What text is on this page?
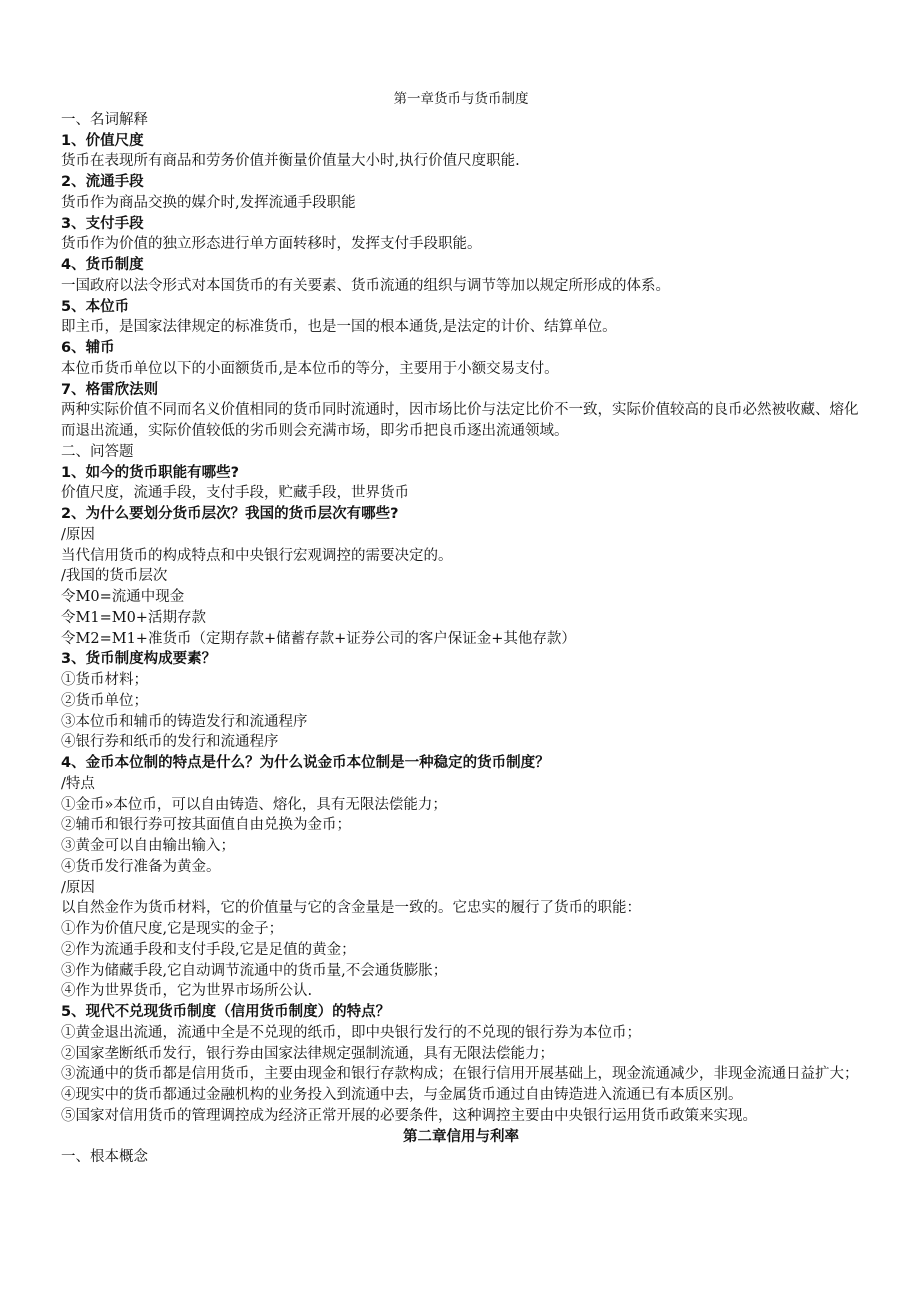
第一章货币与货币制度
一、名词解释
1、价值尺度
货币在表现所有商品和劳务价值并衡量价值量大小时,执行价值尺度职能.
2、流通手段
货币作为商品交换的媒介时,发挥流通手段职能
3、支付手段
货币作为价值的独立形态进行单方面转移时，发挥支付手段职能。
4、货币制度
一国政府以法令形式对本国货币的有关要素、货币流通的组织与调节等加以规定所形成的体系。
5、本位币
即主币，是国家法律规定的标准货币，也是一国的根本通货,是法定的计价、结算单位。
6、辅币
本位币货币单位以下的小面额货币,是本位币的等分，主要用于小额交易支付。
7、格雷欣法则
两种实际价值不同而名义价值相同的货币同时流通时，因市场比价与法定比价不一致，实际价值较高的良币必然被收藏、熔化而退出流通，实际价值较低的劣币则会充满市场，即劣币把良币逐出流通领域。
二、问答题
1、如今的货币职能有哪些?
价值尺度，流通手段，支付手段，贮藏手段，世界货币
2、为什么要划分货币层次？我国的货币层次有哪些?
/原因
当代信用货币的构成特点和中央银行宏观调控的需要决定的。
/我国的货币层次
令M0=流通中现金
令M1=M0+活期存款
令M2=M1+准货币（定期存款+储蓄存款+证券公司的客户保证金+其他存款）
3、货币制度构成要素？
①货币材料；
②货币单位；
③本位币和辅币的铸造发行和流通程序
④银行券和纸币的发行和流通程序
4、金币本位制的特点是什么？为什么说金币本位制是一种稳定的货币制度？
/特点
①金币»本位币，可以自由铸造、熔化，具有无限法偿能力；
②辅币和银行券可按其面值自由兑换为金币；
③黄金可以自由输出输入；
④货币发行准备为黄金。
/原因
以自然金作为货币材料，它的价值量与它的含金量是一致的。它忠实的履行了货币的职能：
①作为价值尺度,它是现实的金子；
②作为流通手段和支付手段,它是足值的黄金；
③作为储藏手段,它自动调节流通中的货币量,不会通货膨胀；
④作为世界货币，它为世界市场所公认.
5、现代不兑现货币制度（信用货币制度）的特点？
①黄金退出流通，流通中全是不兑现的纸币，即中央银行发行的不兑现的银行券为本位币；
②国家垄断纸币发行，银行券由国家法律规定强制流通，具有无限法偿能力；
③流通中的货币都是信用货币，主要由现金和银行存款构成；在银行信用开展基础上，现金流通减少，非现金流通日益扩大；
④现实中的货币都通过金融机构的业务投入到流通中去，与金属货币通过自由铸造进入流通已有本质区别。
⑤国家对信用货币的管理调控成为经济正常开展的必要条件，这种调控主要由中央银行运用货币政策来实现。
第二章信用与利率
一、根本概念
